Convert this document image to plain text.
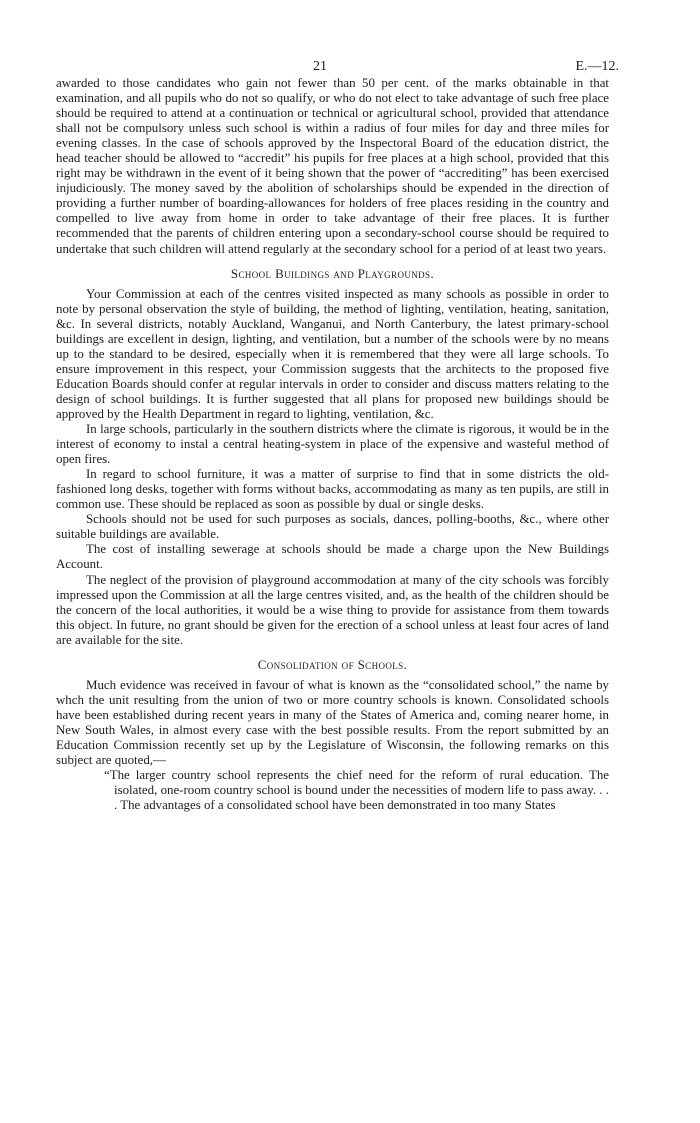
21	E.—12.

awarded to those candidates who gain not fewer than 50 per cent. of the marks obtainable in that examination, and all pupils who do not so qualify, or who do not elect to take advantage of such free place should be required to attend at a continuation or technical or agricultural school, provided that attendance shall not be compulsory unless such school is within a radius of four miles for day and three miles for evening classes. In the case of schools approved by the Inspectoral Board of the education district, the head teacher should be allowed to “accredit” his pupils for free places at a high school, provided that this right may be withdrawn in the event of it being shown that the power of “accrediting” has been exercised injudiciously. The money saved by the abolition of scholarships should be expended in the direction of providing a further number of boarding-allowances for holders of free places residing in the country and compelled to live away from home in order to take advantage of their free places. It is further recommended that the parents of children entering upon a secondary-school course should be required to undertake that such children will attend regularly at the secondary school for a period of at least two years.

School Buildings and Playgrounds.

Your Commission at each of the centres visited inspected as many schools as possible in order to note by personal observation the style of building, the method of lighting, ventilation, heating, sanitation, &c. In several districts, notably Auckland, Wanganui, and North Canterbury, the latest primary-school buildings are excellent in design, lighting, and ventilation, but a number of the schools were by no means up to the standard to be desired, especially when it is remembered that they were all large schools. To ensure improvement in this respect, your Commission suggests that the architects to the proposed five Education Boards should confer at regular intervals in order to consider and discuss matters relating to the design of school buildings. It is further suggested that all plans for proposed new buildings should be approved by the Health Department in regard to lighting, ventilation, &c.

In large schools, particularly in the southern districts where the climate is rigorous, it would be in the interest of economy to instal a central heating-system in place of the expensive and wasteful method of open fires.

In regard to school furniture, it was a matter of surprise to find that in some districts the old-fashioned long desks, together with forms without backs, accommodating as many as ten pupils, are still in common use. These should be replaced as soon as possible by dual or single desks.

Schools should not be used for such purposes as socials, dances, polling-booths, &c., where other suitable buildings are available.

The cost of installing sewerage at schools should be made a charge upon the New Buildings Account.

The neglect of the provision of playground accommodation at many of the city schools was forcibly impressed upon the Commission at all the large centres visited, and, as the health of the children should be the concern of the local authorities, it would be a wise thing to provide for assistance from them towards this object. In future, no grant should be given for the erection of a school unless at least four acres of land are available for the site.

Consolidation of Schools.

Much evidence was received in favour of what is known as the “consolidated school,” the name by whch the unit resulting from the union of two or more country schools is known. Consolidated schools have been established during recent years in many of the States of America and, coming nearer home, in New South Wales, in almost every case with the best possible results. From the report submitted by an Education Commission recently set up by the Legislature of Wisconsin, the following remarks on this subject are quoted,—

“The larger country school represents the chief need for the reform of rural education. The isolated, one-room country school is bound under the necessities of modern life to pass away. . . . The advantages of a consolidated school have been demonstrated in too many States
